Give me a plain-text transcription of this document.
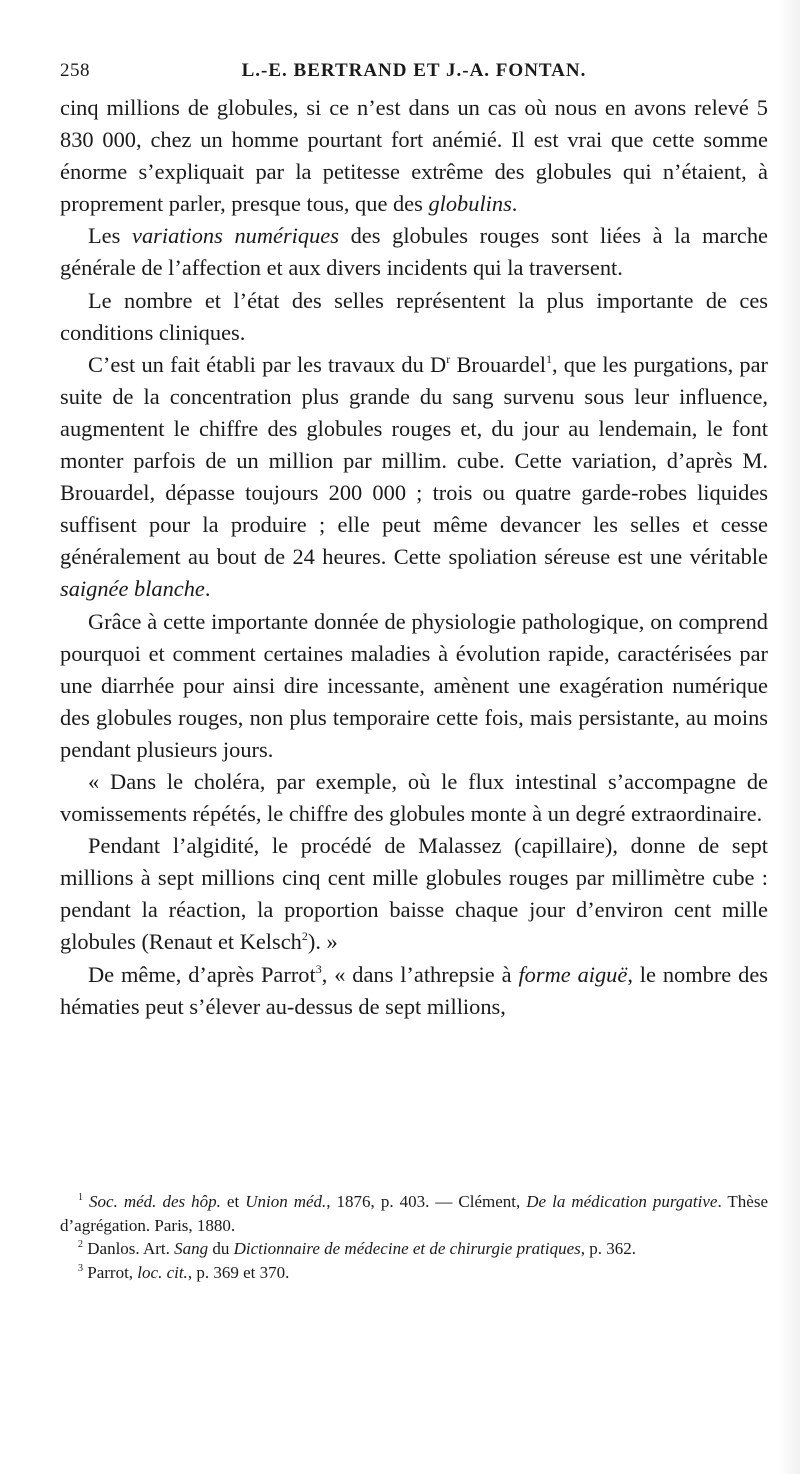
258	L.-E. BERTRAND ET J.-A. FONTAN.

cinq millions de globules, si ce n’est dans un cas où nous en avons relevé 5 830 000, chez un homme pourtant fort anémié. Il est vrai que cette somme énorme s’expliquait par la petitesse extrême des globules qui n’étaient, à proprement parler, presque tous, que des globulins.

Les variations numériques des globules rouges sont liées à la marche générale de l’affection et aux divers incidents qui la traversent.

Le nombre et l’état des selles représentent la plus importante de ces conditions cliniques.

C’est un fait établi par les travaux du $D^r$ Brouardel$^1$, que les purgations, par suite de la concentration plus grande du sang survenu sous leur influence, augmentent le chiffre des globules rouges et, du jour au lendemain, le font monter parfois de un million par millim. cube. Cette variation, d’après M. Brouardel, dépasse toujours 200 000 ; trois ou quatre garde-robes liquides suffisent pour la produire ; elle peut même devancer les selles et cesse généralement au bout de 24 heures. Cette spoliation séreuse est une véritable saignée blanche.

Grâce à cette importante donnée de physiologie pathologique, on comprend pourquoi et comment certaines maladies à évolution rapide, caractérisées par une diarrhée pour ainsi dire incessante, amènent une exagération numérique des globules rouges, non plus temporaire cette fois, mais persistante, au moins pendant plusieurs jours.

« Dans le choléra, par exemple, où le flux intestinal s’accompagne de vomissements répétés, le chiffre des globules monte à un degré extraordinaire.

Pendant l’algidité, le procédé de Malassez (capillaire), donne de sept millions à sept millions cinq cent mille globules rouges par millimètre cube : pendant la réaction, la proportion baisse chaque jour d’environ cent mille globules (Renaut et Kelsch$^2$). »

De même, d’après Parrot$^3$, « dans l’athrepsie à forme aiguë, le nombre des hématies peut s’élever au-dessus de sept millions,

$^1$ Soc. méd. des hôp. et Union méd., 1876, p. 403. — Clément, De la médication purgative. Thèse d’agrégation. Paris, 1880.

$^2$ Danlos. Art. Sang du Dictionnaire de médecine et de chirurgie pratiques, p. 362.

$^3$ Parrot, loc. cit., p. 369 et 370.
